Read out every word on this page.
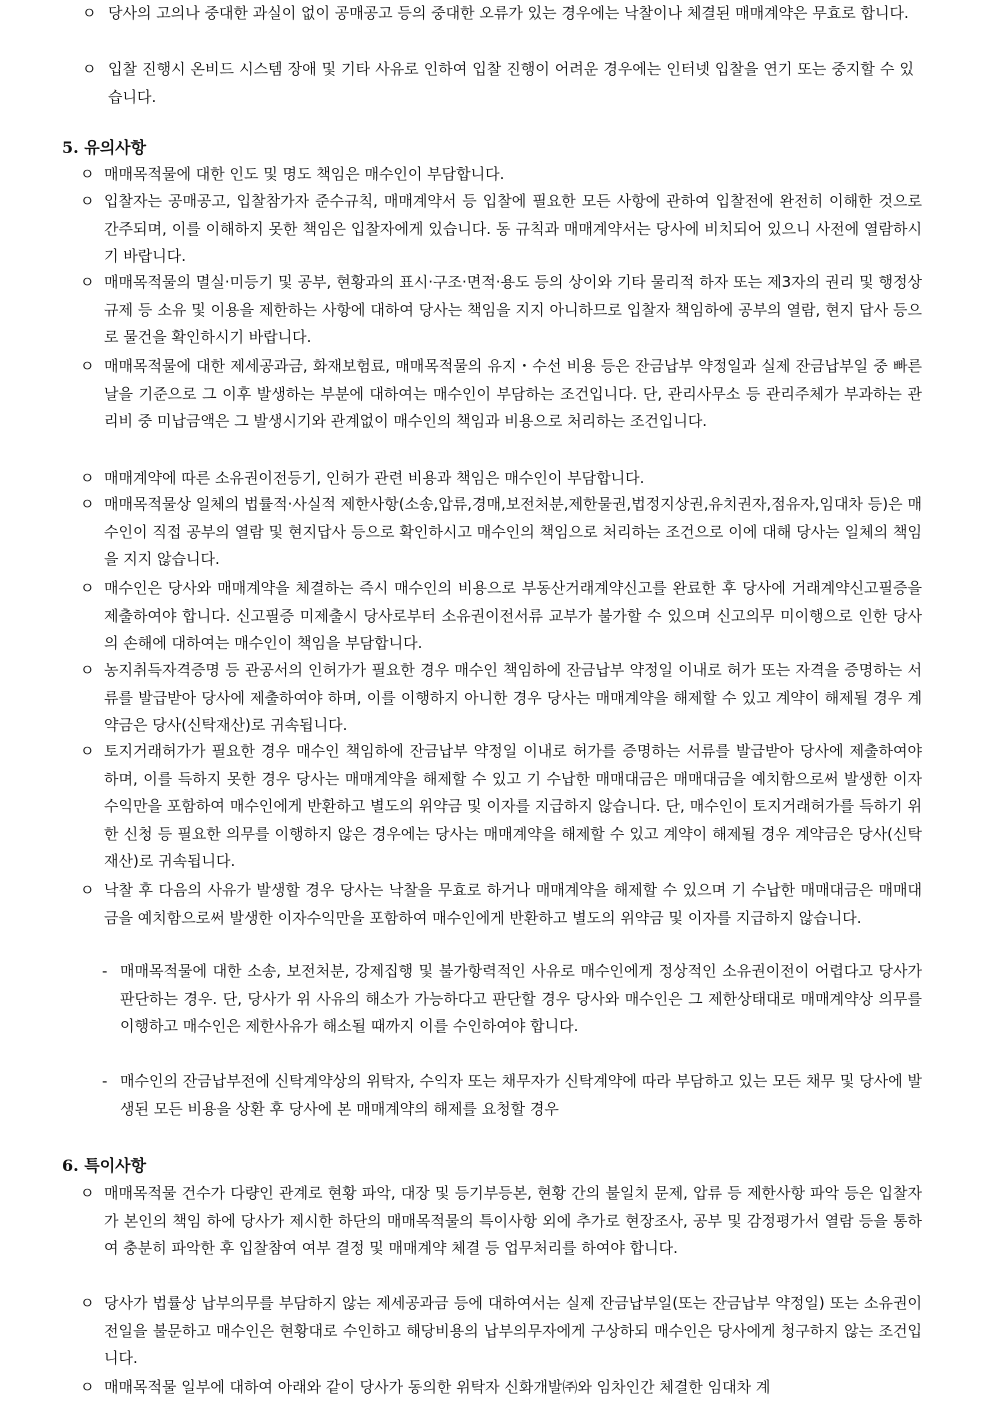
ㅇ 당사의 고의나 중대한 과실이 없이 공매공고 등의 중대한 오류가 있는 경우에는 낙찰이나 체결된 매매계약은 무효로 합니다.
ㅇ 입찰 진행시 온비드 시스템 장애 및 기타 사유로 인하여 입찰 진행이 어려운 경우에는 인터넷 입찰을 연기 또는 중지할 수 있습니다.
5. 유의사항
ㅇ 매매목적물에 대한 인도 및 명도 책임은 매수인이 부담합니다.
ㅇ 입찰자는 공매공고, 입찰참가자 준수규칙, 매매계약서 등 입찰에 필요한 모든 사항에 관하여 입찰전에 완전히 이해한 것으로 간주되며, 이를 이해하지 못한 책임은 입찰자에게 있습니다. 동 규칙과 매매계약서는 당사에 비치되어 있으니 사전에 열람하시기 바랍니다.
ㅇ 매매목적물의 멸실·미등기 및 공부, 현황과의 표시·구조·면적·용도 등의 상이와 기타 물리적 하자 또는 제3자의 권리 및 행정상 규제 등 소유 및 이용을 제한하는 사항에 대하여 당사는 책임을 지지 아니하므로 입찰자 책임하에 공부의 열람, 현지 답사 등으로 물건을 확인하시기 바랍니다.
ㅇ 매매목적물에 대한 제세공과금, 화재보험료, 매매목적물의 유지・수선 비용 등은 잔금납부 약정일과 실제 잔금납부일 중 빠른 날을 기준으로 그 이후 발생하는 부분에 대하여는 매수인이 부담하는 조건입니다. 단, 관리사무소 등 관리주체가 부과하는 관리비 중 미납금액은 그 발생시기와 관계없이 매수인의 책임과 비용으로 처리하는 조건입니다.
ㅇ 매매계약에 따른 소유권이전등기, 인허가 관련 비용과 책임은 매수인이 부담합니다.
ㅇ 매매목적물상 일체의 법률적·사실적 제한사항(소송,압류,경매,보전처분,제한물권,법정지상권,유치권자,점유자,임대차 등)은 매수인이 직접 공부의 열람 및 현지답사 등으로 확인하시고 매수인의 책임으로 처리하는 조건으로 이에 대해 당사는 일체의 책임을 지지 않습니다.
ㅇ 매수인은 당사와 매매계약을 체결하는 즉시 매수인의 비용으로 부동산거래계약신고를 완료한 후 당사에 거래계약신고필증을 제출하여야 합니다. 신고필증 미제출시 당사로부터 소유권이전서류 교부가 불가할 수 있으며 신고의무 미이행으로 인한 당사의 손해에 대하여는 매수인이 책임을 부담합니다.
ㅇ 농지취득자격증명 등 관공서의 인허가가 필요한 경우 매수인 책임하에 잔금납부 약정일 이내로 허가 또는 자격을 증명하는 서류를 발급받아 당사에 제출하여야 하며, 이를 이행하지 아니한 경우 당사는 매매계약을 해제할 수 있고 계약이 해제될 경우 계약금은 당사(신탁재산)로 귀속됩니다.
ㅇ 토지거래허가가 필요한 경우 매수인 책임하에 잔금납부 약정일 이내로 허가를 증명하는 서류를 발급받아 당사에 제출하여야 하며, 이를 득하지 못한 경우 당사는 매매계약을 해제할 수 있고 기 수납한 매매대금은 매매대금을 예치함으로써 발생한 이자수익만을 포함하여 매수인에게 반환하고 별도의 위약금 및 이자를 지급하지 않습니다. 단, 매수인이 토지거래허가를 득하기 위한 신청 등 필요한 의무를 이행하지 않은 경우에는 당사는 매매계약을 해제할 수 있고 계약이 해제될 경우 계약금은 당사(신탁재산)로 귀속됩니다.
ㅇ 낙찰 후 다음의 사유가 발생할 경우 당사는 낙찰을 무효로 하거나 매매계약을 해제할 수 있으며 기 수납한 매매대금은 매매대금을 예치함으로써 발생한 이자수익만을 포함하여 매수인에게 반환하고 별도의 위약금 및 이자를 지급하지 않습니다.
- 매매목적물에 대한 소송, 보전처분, 강제집행 및 불가항력적인 사유로 매수인에게 정상적인 소유권이전이 어렵다고 당사가 판단하는 경우. 단, 당사가 위 사유의 해소가 가능하다고 판단할 경우 당사와 매수인은 그 제한상태대로 매매계약상 의무를 이행하고 매수인은 제한사유가 해소될 때까지 이를 수인하여야 합니다.
- 매수인의 잔금납부전에 신탁계약상의 위탁자, 수익자 또는 채무자가 신탁계약에 따라 부담하고 있는 모든 채무 및 당사에 발생된 모든 비용을 상환 후 당사에 본 매매계약의 해제를 요청할 경우
6. 특이사항
ㅇ 매매목적물 건수가 다량인 관계로 현황 파악, 대장 및 등기부등본, 현황 간의 불일치 문제, 압류 등 제한사항 파악 등은 입찰자가 본인의 책임 하에 당사가 제시한 하단의 매매목적물의 특이사항 외에 추가로 현장조사, 공부 및 감정평가서 열람 등을 통하여 충분히 파악한 후 입찰참여 여부 결정 및 매매계약 체결 등 업무처리를 하여야 합니다.
ㅇ 당사가 법률상 납부의무를 부담하지 않는 제세공과금 등에 대하여서는 실제 잔금납부일(또는 잔금납부 약정일) 또는 소유권이전일을 불문하고 매수인은 현황대로 수인하고 해당비용의 납부의무자에게 구상하되 매수인은 당사에게 청구하지 않는 조건입니다.
ㅇ 매매목적물 일부에 대하여 아래와 같이 당사가 동의한 위탁자 신화개발㈜와 임차인간 체결한 임대차 계
